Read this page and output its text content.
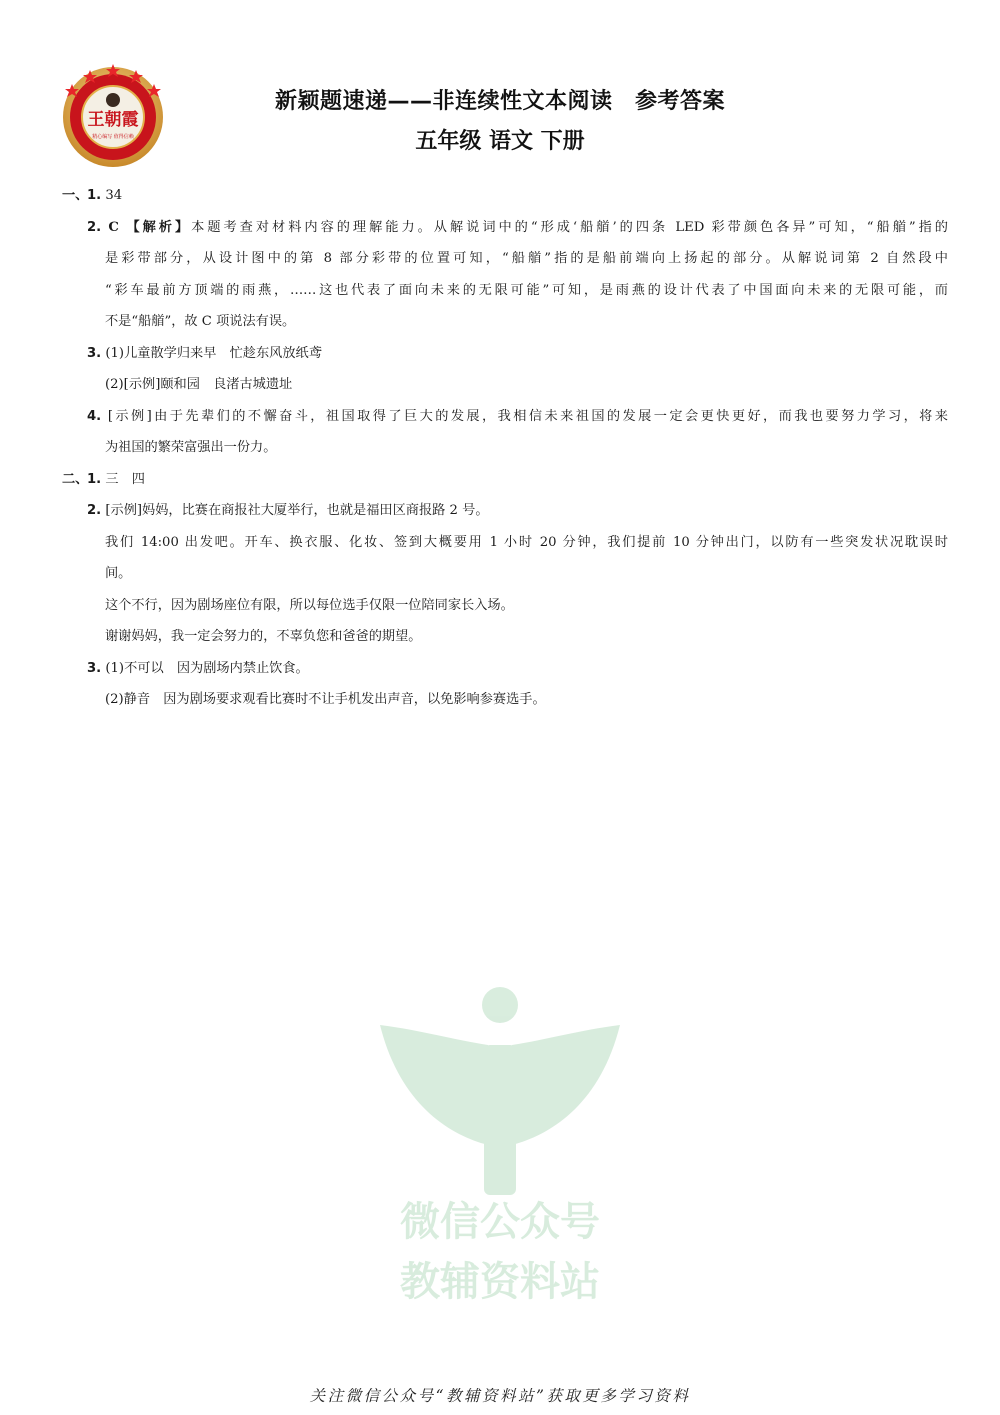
王朝霞
精心编写 值得信赖
新颖题速递——非连续性文本阅读　参考答案
五年级 语文 下册
一、
1. 34
2. C 【解析】本题考查对材料内容的理解能力。从解说词中的“形成‘船艏’的四条 LED 彩带颜色各异”可知，“船艏”指的
是彩带部分，从设计图中的第 8 部分彩带的位置可知，“船艏”指的是船前端向上扬起的部分。从解说词第 2 自然段中
“彩车最前方顶端的雨燕，……这也代表了面向未来的无限可能”可知，是雨燕的设计代表了中国面向未来的无限可能，而
不是“船艏”，故 C 项说法有误。
3. (1)儿童散学归来早　忙趁东风放纸鸢
(2)[示例]颐和园　良渚古城遗址
4. [示例]由于先辈们的不懈奋斗，祖国取得了巨大的发展，我相信未来祖国的发展一定会更快更好，而我也要努力学习，将来
为祖国的繁荣富强出一份力。
二、
1. 三　四
2. [示例]妈妈，比赛在商报社大厦举行，也就是福田区商报路 2 号。
我们 14:00 出发吧。开车、换衣服、化妆、签到大概要用 1 小时 20 分钟，我们提前 10 分钟出门，以防有一些突发状况耽误时
间。
这个不行，因为剧场座位有限，所以每位选手仅限一位陪同家长入场。
谢谢妈妈，我一定会努力的，不辜负您和爸爸的期望。
3. (1)不可以　因为剧场内禁止饮食。
(2)静音　因为剧场要求观看比赛时不让手机发出声音，以免影响参赛选手。
微信公众号
教辅资料站
关注微信公众号“教辅资料站”获取更多学习资料
